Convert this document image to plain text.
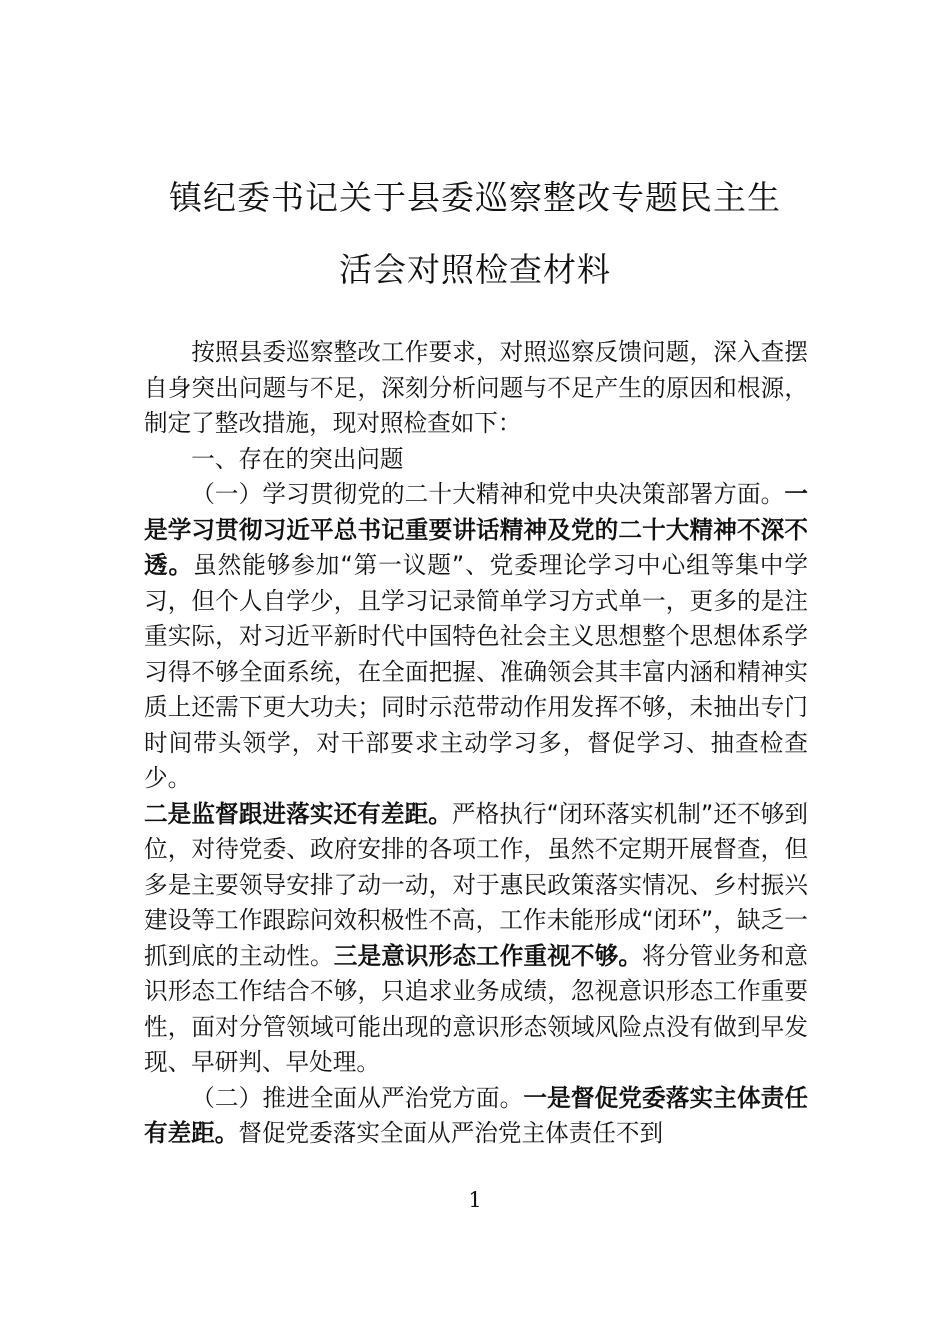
镇纪委书记关于县委巡察整改专题民主生
活会对照检查材料

按照县委巡察整改工作要求，对照巡察反馈问题，深入查摆自身突出问题与不足，深刻分析问题与不足产生的原因和根源，制定了整改措施，现对照检查如下：

一、存在的突出问题

（一）学习贯彻党的二十大精神和党中央决策部署方面。一是学习贯彻习近平总书记重要讲话精神及党的二十大精神不深不透。虽然能够参加“第一议题”、党委理论学习中心组等集中学习，但个人自学少，且学习记录简单学习方式单一，更多的是注重实际，对习近平新时代中国特色社会主义思想整个思想体系学习得不够全面系统，在全面把握、准确领会其丰富内涵和精神实质上还需下更大功夫；同时示范带动作用发挥不够，未抽出专门时间带头领学，对干部要求主动学习多，督促学习、抽查检查少。

二是监督跟进落实还有差距。严格执行“闭环落实机制”还不够到位，对待党委、政府安排的各项工作，虽然不定期开展督查，但多是主要领导安排了动一动，对于惠民政策落实情况、乡村振兴建设等工作跟踪问效积极性不高，工作未能形成“闭环”，缺乏一抓到底的主动性。三是意识形态工作重视不够。将分管业务和意识形态工作结合不够，只追求业务成绩，忽视意识形态工作重要性，面对分管领域可能出现的意识形态领域风险点没有做到早发现、早研判、早处理。

（二）推进全面从严治党方面。一是督促党委落实主体责任有差距。督促党委落实全面从严治党主体责任不到

1
